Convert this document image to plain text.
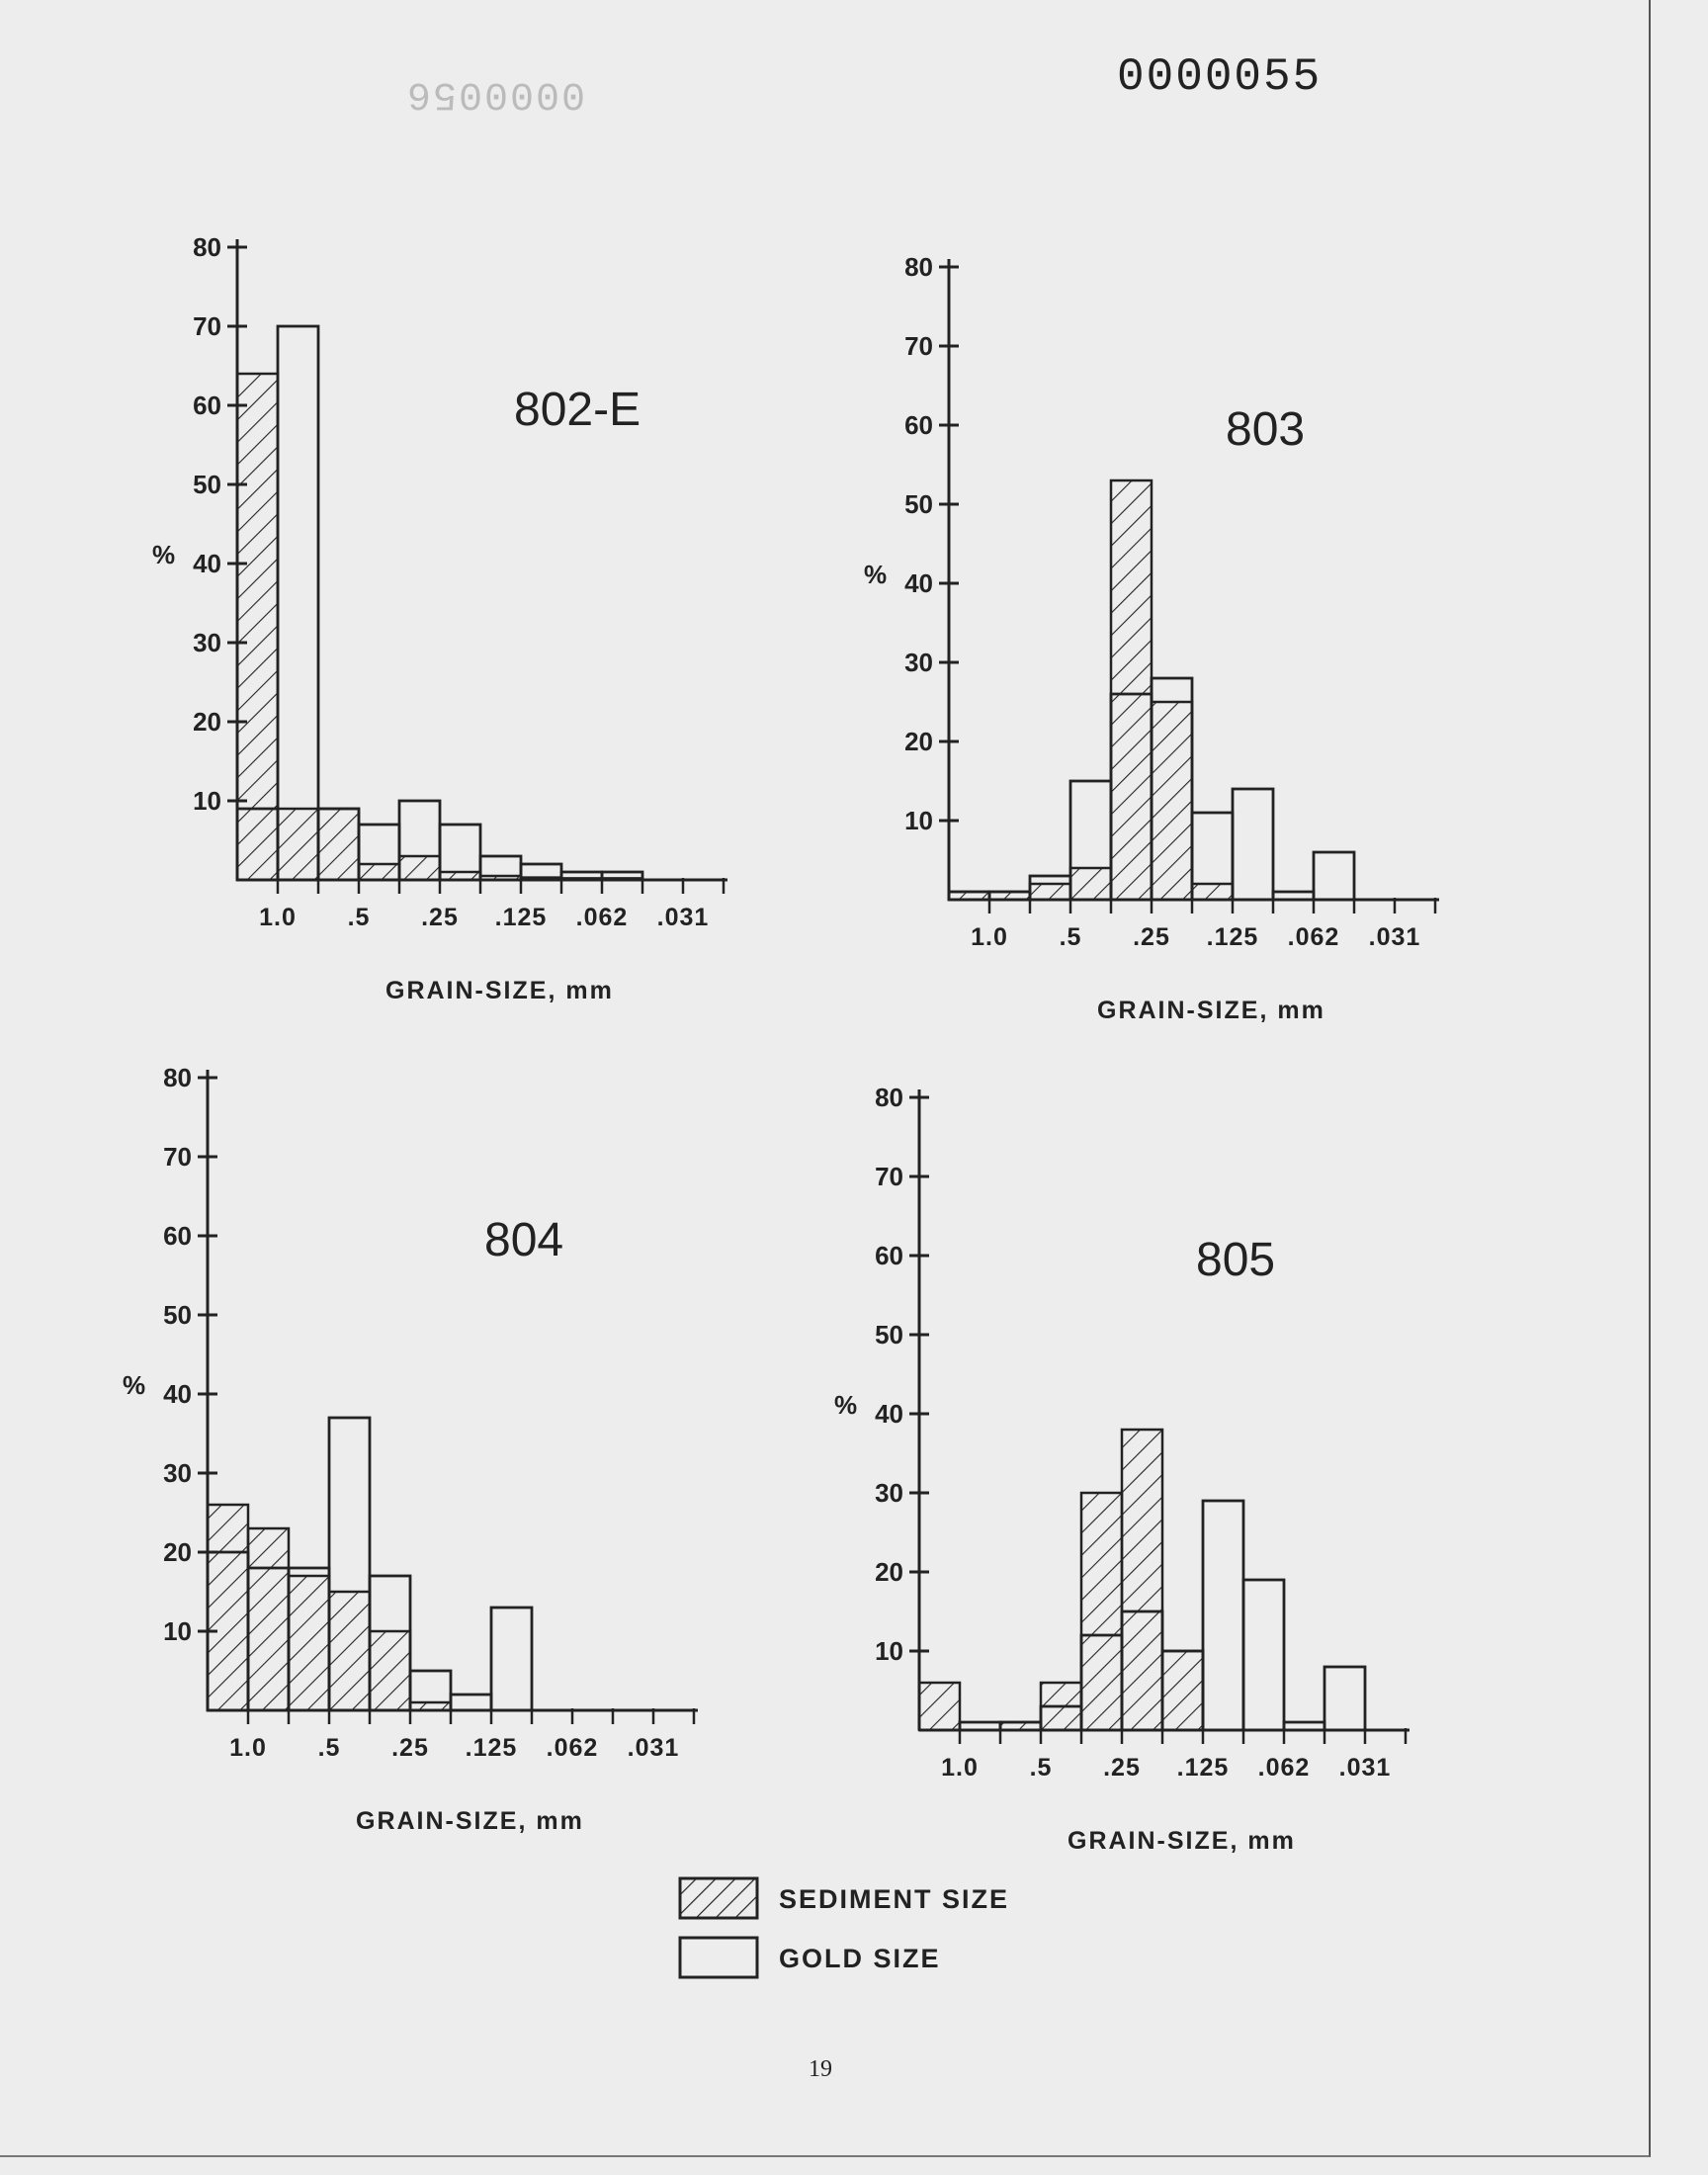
0000056	0000055
802-E
%
80
70
60
50
40
30
20
10
1.0 .5 .25 .125 .062 .031
GRAIN-SIZE, mm
803
%
80
70
60
50
40
30
20
10
1.0 .5 .25 .125 .062 .031
GRAIN-SIZE, mm
804
%
80
70
60
50
40
30
20
10
1.0 .5 .25 .125 .062 .031
GRAIN-SIZE, mm
805
%
80
70
60
50
40
30
20
10
1.0 .5 .25 .125 .062 .031
GRAIN-SIZE, mm
SEDIMENT SIZE
GOLD SIZE
19
